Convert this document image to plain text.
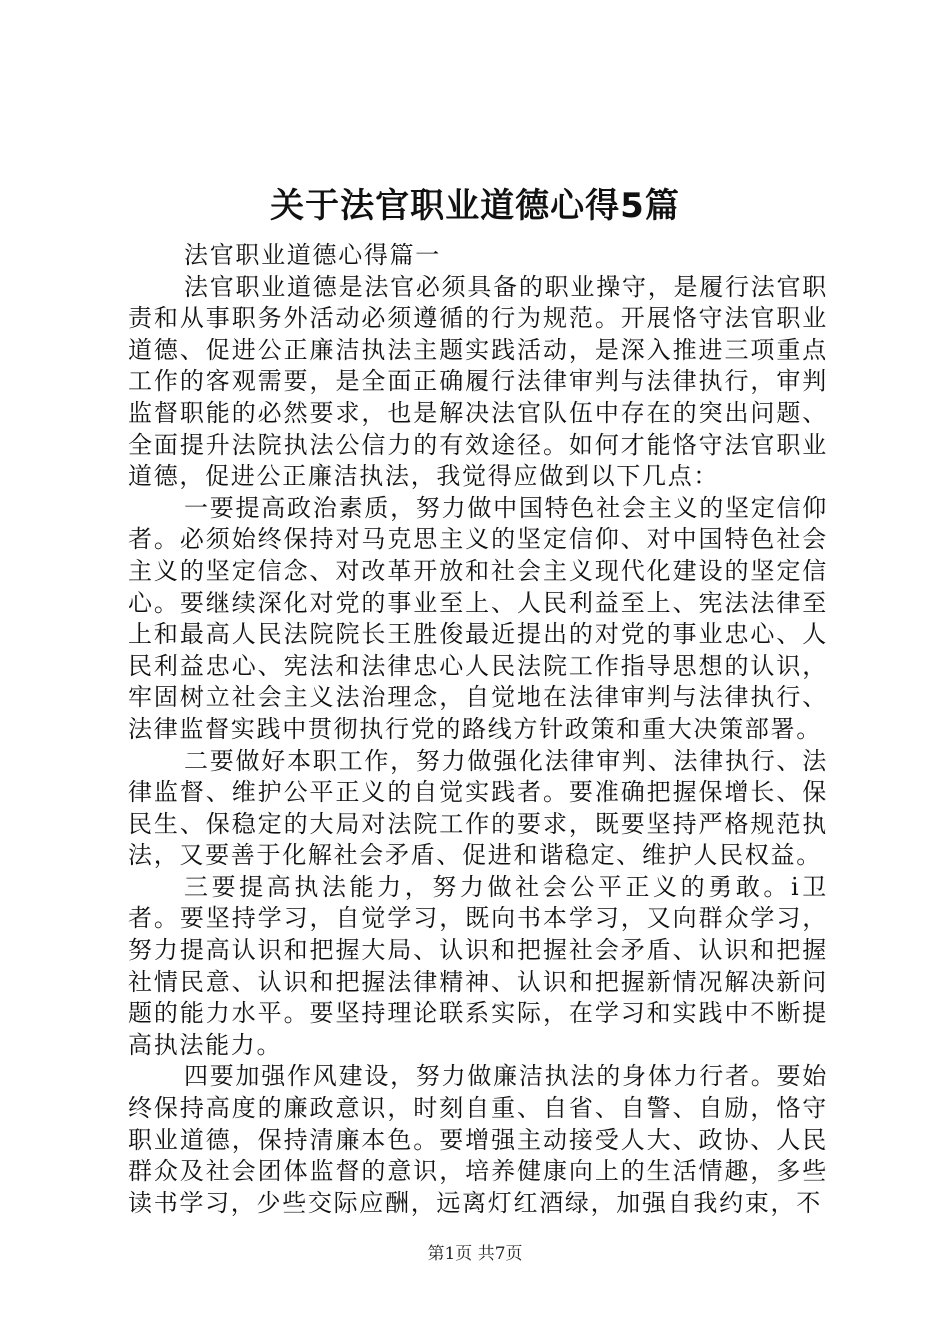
关于法官职业道德心得5篇

法官职业道德心得篇一

法官职业道德是法官必须具备的职业操守，是履行法官职责和从事职务外活动必须遵循的行为规范。开展恪守法官职业道德、促进公正廉洁执法主题实践活动，是深入推进三项重点工作的客观需要，是全面正确履行法律审判与法律执行，审判监督职能的必然要求，也是解决法官队伍中存在的突出问题、全面提升法院执法公信力的有效途径。如何才能恪守法官职业道德，促进公正廉洁执法，我觉得应做到以下几点：

一要提高政治素质，努力做中国特色社会主义的坚定信仰者。必须始终保持对马克思主义的坚定信仰、对中国特色社会主义的坚定信念、对改革开放和社会主义现代化建设的坚定信心。要继续深化对党的事业至上、人民利益至上、宪法法律至上和最高人民法院院长王胜俊最近提出的对党的事业忠心、人民利益忠心、宪法和法律忠心人民法院工作指导思想的认识，牢固树立社会主义法治理念，自觉地在法律审判与法律执行、法律监督实践中贯彻执行党的路线方针政策和重大决策部署。

二要做好本职工作，努力做强化法律审判、法律执行、法律监督、维护公平正义的自觉实践者。要准确把握保增长、保民生、保稳定的大局对法院工作的要求，既要坚持严格规范执法，又要善于化解社会矛盾、促进和谐稳定、维护人民权益。

三要提高执法能力，努力做社会公平正义的勇敢。i卫者。要坚持学习，自觉学习，既向书本学习，又向群众学习，努力提高认识和把握大局、认识和把握社会矛盾、认识和把握社情民意、认识和把握法律精神、认识和把握新情况解决新问题的能力水平。要坚持理论联系实际，在学习和实践中不断提高执法能力。

四要加强作风建设，努力做廉洁执法的身体力行者。要始终保持高度的廉政意识，时刻自重、自省、自警、自励，恪守职业道德，保持清廉本色。要增强主动接受人大、政协、人民群众及社会团体监督的意识，培养健康向上的生活情趣，多些读书学习，少些交际应酬，远离灯红酒绿，加强自我约束，不

第1页 共7页
